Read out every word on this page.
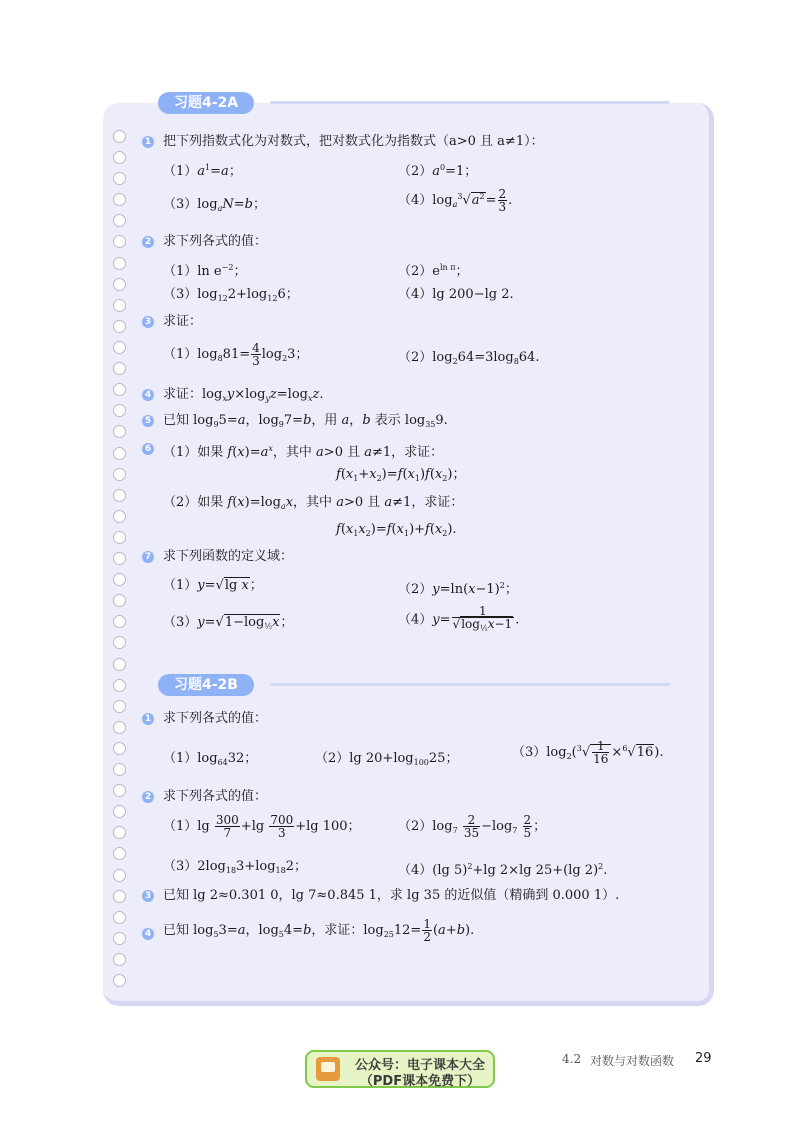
习题4-2A
1 把下列指数式化为对数式，把对数式化为指数式（a>0 且 a≠1）：
$(1)a^1=a$；	$(2)a^0=1$；
$(3)\log_aN=b$；	$(4)\log_a^3√a^2= \frac{2}{3}$ .
2 求下列各式的值：
（1）ln $e^{-2}$；	$(2)e^{ln \pi}$；
$(3)\log_{12}2+\log_{12}6$；	（4）lg 200−lg 2.
3 求证：
$(1)\log_881= \frac{4}{3} \log_23$；	$(2)\log_264=3\log_864$.
4 求证：$\log_xy\times\log_yz=\log_xz$.
5 已知 $\log_95=a$，$\log_97=b$，用 a，b 表示 $\log_{35}9$.
6 （1）如果 $f(x)=a^x$，其中 a>0 且 a≠1，求证：
$f(x_1+x_2)=f(x_1)f(x_2)$；
（2）如果 $f(x)=\log_ax$，其中 a>0 且 a≠1，求证：
$f(x_1x_2)=f(x_1)+f(x_2)$.
7 求下列函数的定义域：
（1）y=√lg x；	$(2)y=\ln(x-1)^2$；
$(3)y=√1-\log_{\frac{1}{2}}x$；	$(4)y= \frac{1}{√\log_{\frac{1}{2}}x-1}$ .
习题4-2B
1 求下列各式的值：
$(1)\log_{64}32$；	（2）lg $20+\log_{100}25$；	$(3)\log_2(^3√ \frac{1}{16} \times^6√16)$.
2 求下列各式的值：
$(1)\lg \frac{300}{7} +\lg \frac{700}{3} +\lg$ 100；	$(2)\log_7 \frac{2}{35} -\log_7 \frac{2}{5}$ ；
$(3)2\log_{18}3+\log_{18}2$；	（4）(lg 5)$^2$+lg 2×lg 25+(lg 2)$^2$.
3 已知 lg 2≈0.301 0，lg 7≈0.845 1，求 lg 35 的近似值（精确到 0.000 1）.
4 已知 $\log_53=a$，$\log_54=b$，求证：$\log_{25}12= \frac{1}{2} (a+b)$.
公众号：电子课本大全
（PDF课本免费下）
4.2 对数与对数函数 29
